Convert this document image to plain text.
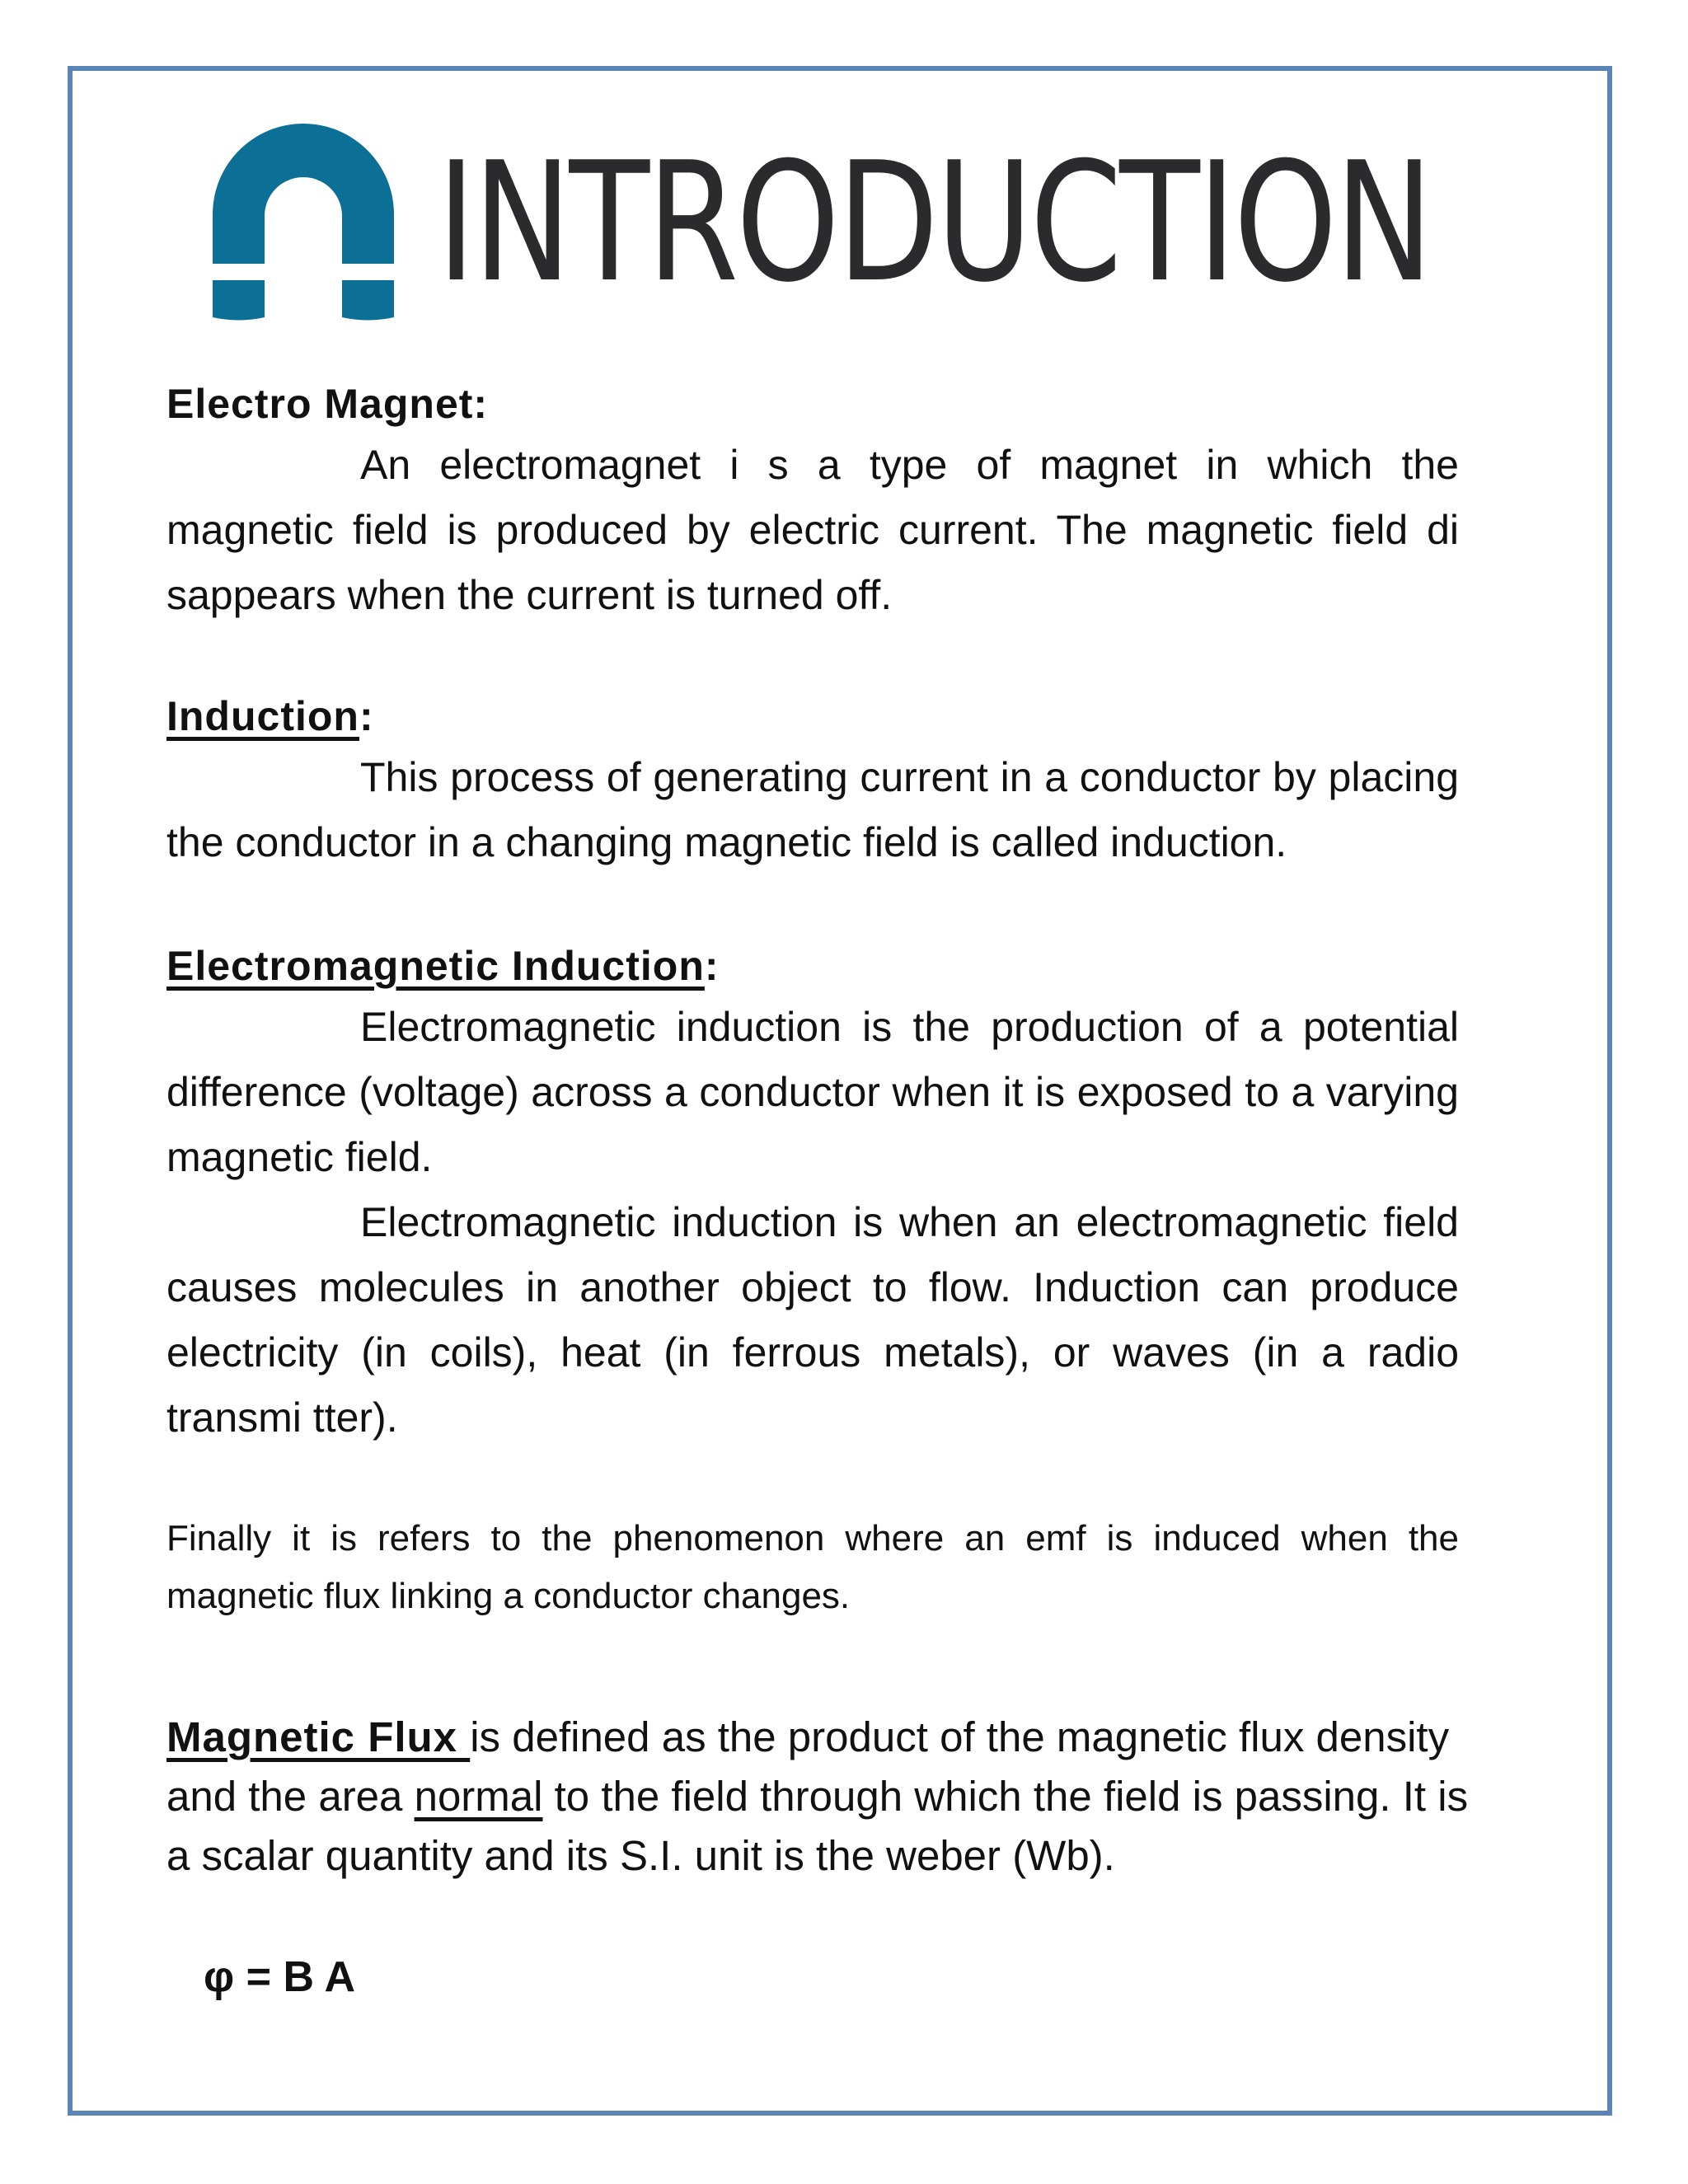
INTRODUCTION

Electro Magnet:

An electromagnet i s a type of magnet in which the magnetic field is produced by electric current. The magnetic field di sappears when the current is turned off.

Induction:

This process of generating current in a conductor by placing the conductor in a changing magnetic field is called induction.

Electromagnetic Induction:

Electromagnetic induction is the production of a potential difference (voltage) across a conductor when it is exposed to a varying magnetic field.

Electromagnetic induction is when an electromagnetic field causes molecules in another object to flow. Induction can produce electricity (in coils), heat (in ferrous metals), or waves (in a radio transmi tter).

Finally it is refers to the phenomenon where an emf is induced when the magnetic flux linking a conductor changes.

Magnetic Flux is defined as the product of the magnetic flux density and the area normal to the field through which the field is passing. It is a scalar quantity and its S.I. unit is the weber (Wb).

φ = B A
